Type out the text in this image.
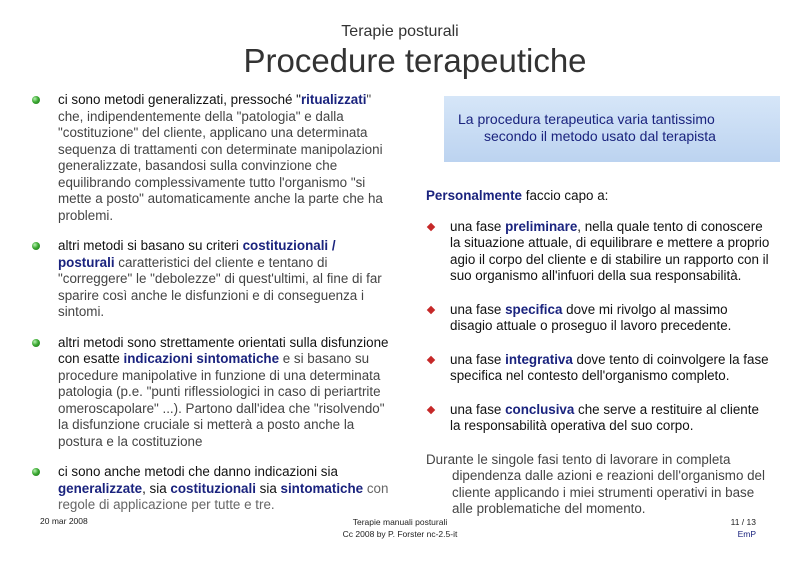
Terapie posturali
Procedure terapeutiche
ci sono metodi generalizzati, pressoché "ritualizzati" che, indipendentemente della "patologia" e dalla "costituzione" del cliente, applicano una determinata sequenza di trattamenti con determinate manipolazioni generalizzate, basandosi sulla convinzione che equilibrando complessivamente tutto l'organismo "si mette a posto" automaticamente anche la parte che ha problemi.
altri metodi si basano su criteri costituzionali / posturali caratteristici del cliente e tentano di "correggere" le "debolezze" di quest'ultimi, al fine di far sparire così anche le disfunzioni e di conseguenza i sintomi.
altri metodi sono strettamente orientati sulla disfunzione con esatte indicazioni sintomatiche e si basano su procedure manipolative in funzione di una determinata patologia (p.e. "punti riflessiologici in caso di periartrite omeroscapolare" ...). Partono dall'idea che "risolvendo" la disfunzione cruciale si metterà a posto anche la postura e la costituzione
ci sono anche metodi che danno indicazioni sia generalizzate, sia costituzionali sia sintomatiche con regole di applicazione per tutte e tre.
La procedura terapeutica varia tantissimo
secondo il metodo usato dal terapista
Personalmente faccio capo a:
una fase preliminare, nella quale tento di conoscere la situazione attuale, di equilibrare e mettere a proprio agio il corpo del cliente e di stabilire un rapporto con il suo organismo all'infuori della sua responsabilità.
una fase specifica dove mi rivolgo al massimo disagio attuale o proseguo il lavoro precedente.
una fase integrativa dove tento di coinvolgere la fase specifica nel contesto dell'organismo completo.
una fase conclusiva che serve a restituire al cliente la responsabilità operativa del suo corpo.
Durante le singole fasi tento di lavorare in completa
dipendenza dalle azioni e reazioni dell'organismo del cliente applicando i miei strumenti operativi in base alle problematiche del momento.
20 mar 2008	Terapie manuali posturali
Cc 2008 by P. Forster nc-2.5-it
11 / 13
EmP
